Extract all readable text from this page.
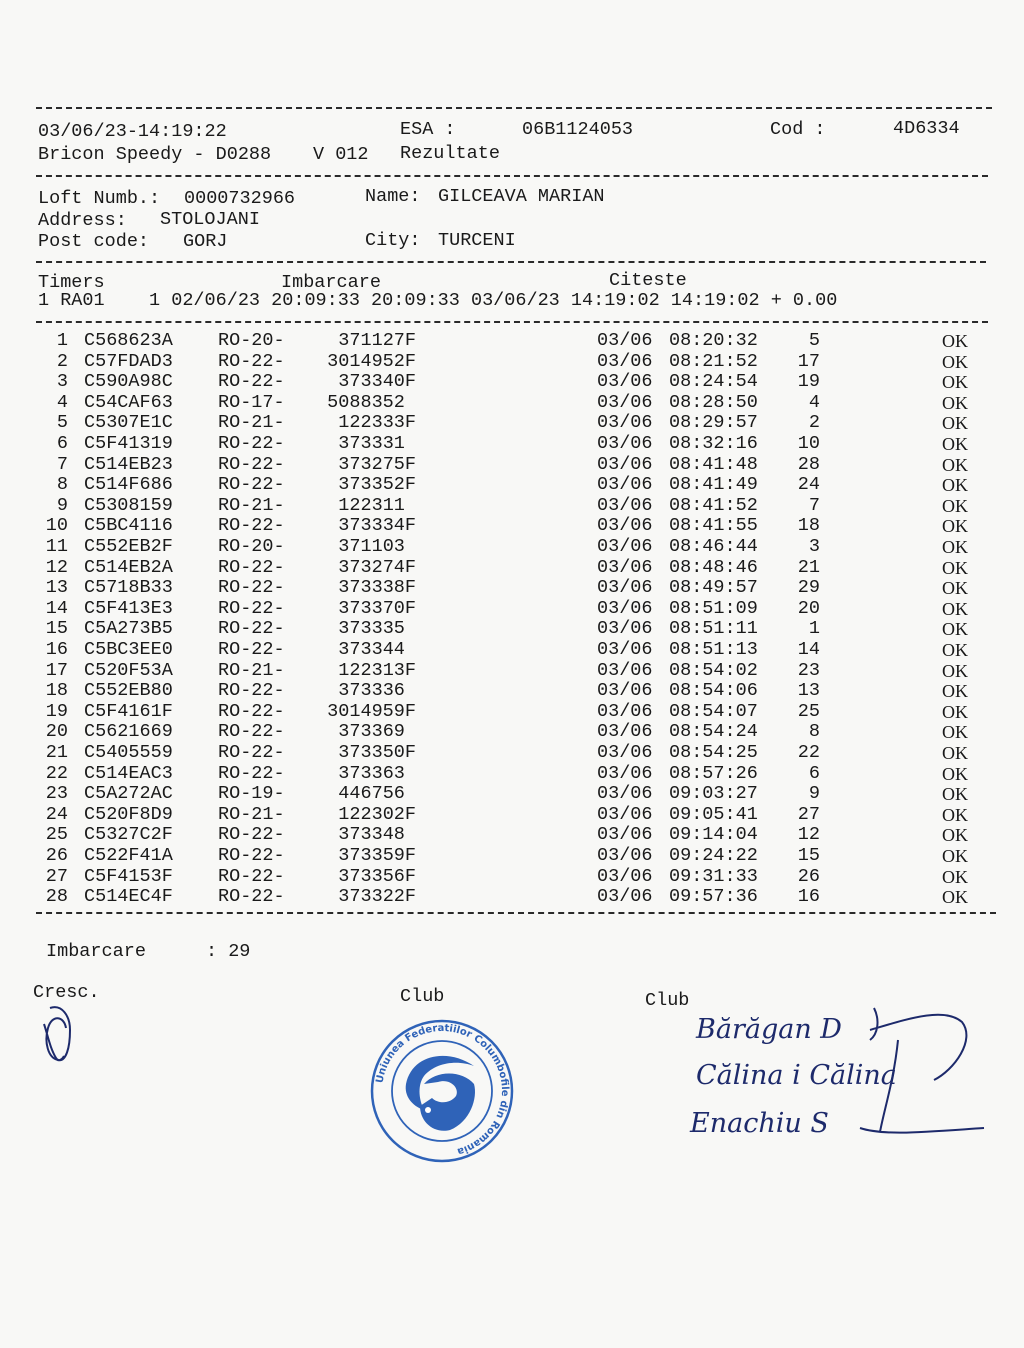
03/06/23-14:19:22	ESA :	06B1124053	Cod :	4D6334
Bricon Speedy - D0288 V 012 Rezultate
Loft Numb.: 0000732966	Name: GILCEAVA MARIAN
Address: STOLOJANI
Post code: GORJ	City: TURCENI
Timers	Imbarcare	Citeste
1 RA01    1 02/06/23 20:09:33 20:09:33 03/06/23 14:19:02 14:19:02 + 0.00
1 C568623A RO-20-	371127F	03/06 08:20:32	5	OK
2 C57FDAD3 RO-22-	3014952F	03/06 08:21:52	17	OK
3 C590A98C RO-22-	373340F	03/06 08:24:54	19	OK
4 C54CAF63 RO-17-	5088352	03/06 08:28:50	4	OK
5 C5307E1C RO-21-	122333F	03/06 08:29:57	2	OK
6 C5F41319 RO-22-	373331	03/06 08:32:16	10	OK
7 C514EB23 RO-22-	373275F	03/06 08:41:48	28	OK
8 C514F686 RO-22-	373352F	03/06 08:41:49	24	OK
9 C5308159 RO-21-	122311	03/06 08:41:52	7	OK
10 C5BC4116 RO-22-	373334F	03/06 08:41:55	18	OK
11 C552EB2F RO-20-	371103	03/06 08:46:44	3	OK
12 C514EB2A RO-22-	373274F	03/06 08:48:46	21	OK
13 C5718B33 RO-22-	373338F	03/06 08:49:57	29	OK
14 C5F413E3 RO-22-	373370F	03/06 08:51:09	20	OK
15 C5A273B5 RO-22-	373335	03/06 08:51:11	1	OK
16 C5BC3EE0 RO-22-	373344	03/06 08:51:13	14	OK
17 C520F53A RO-21-	122313F	03/06 08:54:02	23	OK
18 C552EB80 RO-22-	373336	03/06 08:54:06	13	OK
19 C5F4161F RO-22-	3014959F	03/06 08:54:07	25	OK
20 C5621669 RO-22-	373369	03/06 08:54:24	8	OK
21 C5405559 RO-22-	373350F	03/06 08:54:25	22	OK
22 C514EAC3 RO-22-	373363	03/06 08:57:26	6	OK
23 C5A272AC RO-19-	446756	03/06 09:03:27	9	OK
24 C520F8D9 RO-21-	122302F	03/06 09:05:41	27	OK
25 C5327C2F RO-22-	373348	03/06 09:14:04	12	OK
26 C522F41A RO-22-	373359F	03/06 09:24:22	15	OK
27 C5F4153F RO-22-	373356F	03/06 09:31:33	26	OK
28 C514EC4F RO-22-	373322F	03/06 09:57:36	16	OK
Imbarcare	: 29
Cresc.	Club	Club
Uniunea Federatiilor Columbofile din Romania
Bărăgan D
Călina i Călina
Enachiu S
